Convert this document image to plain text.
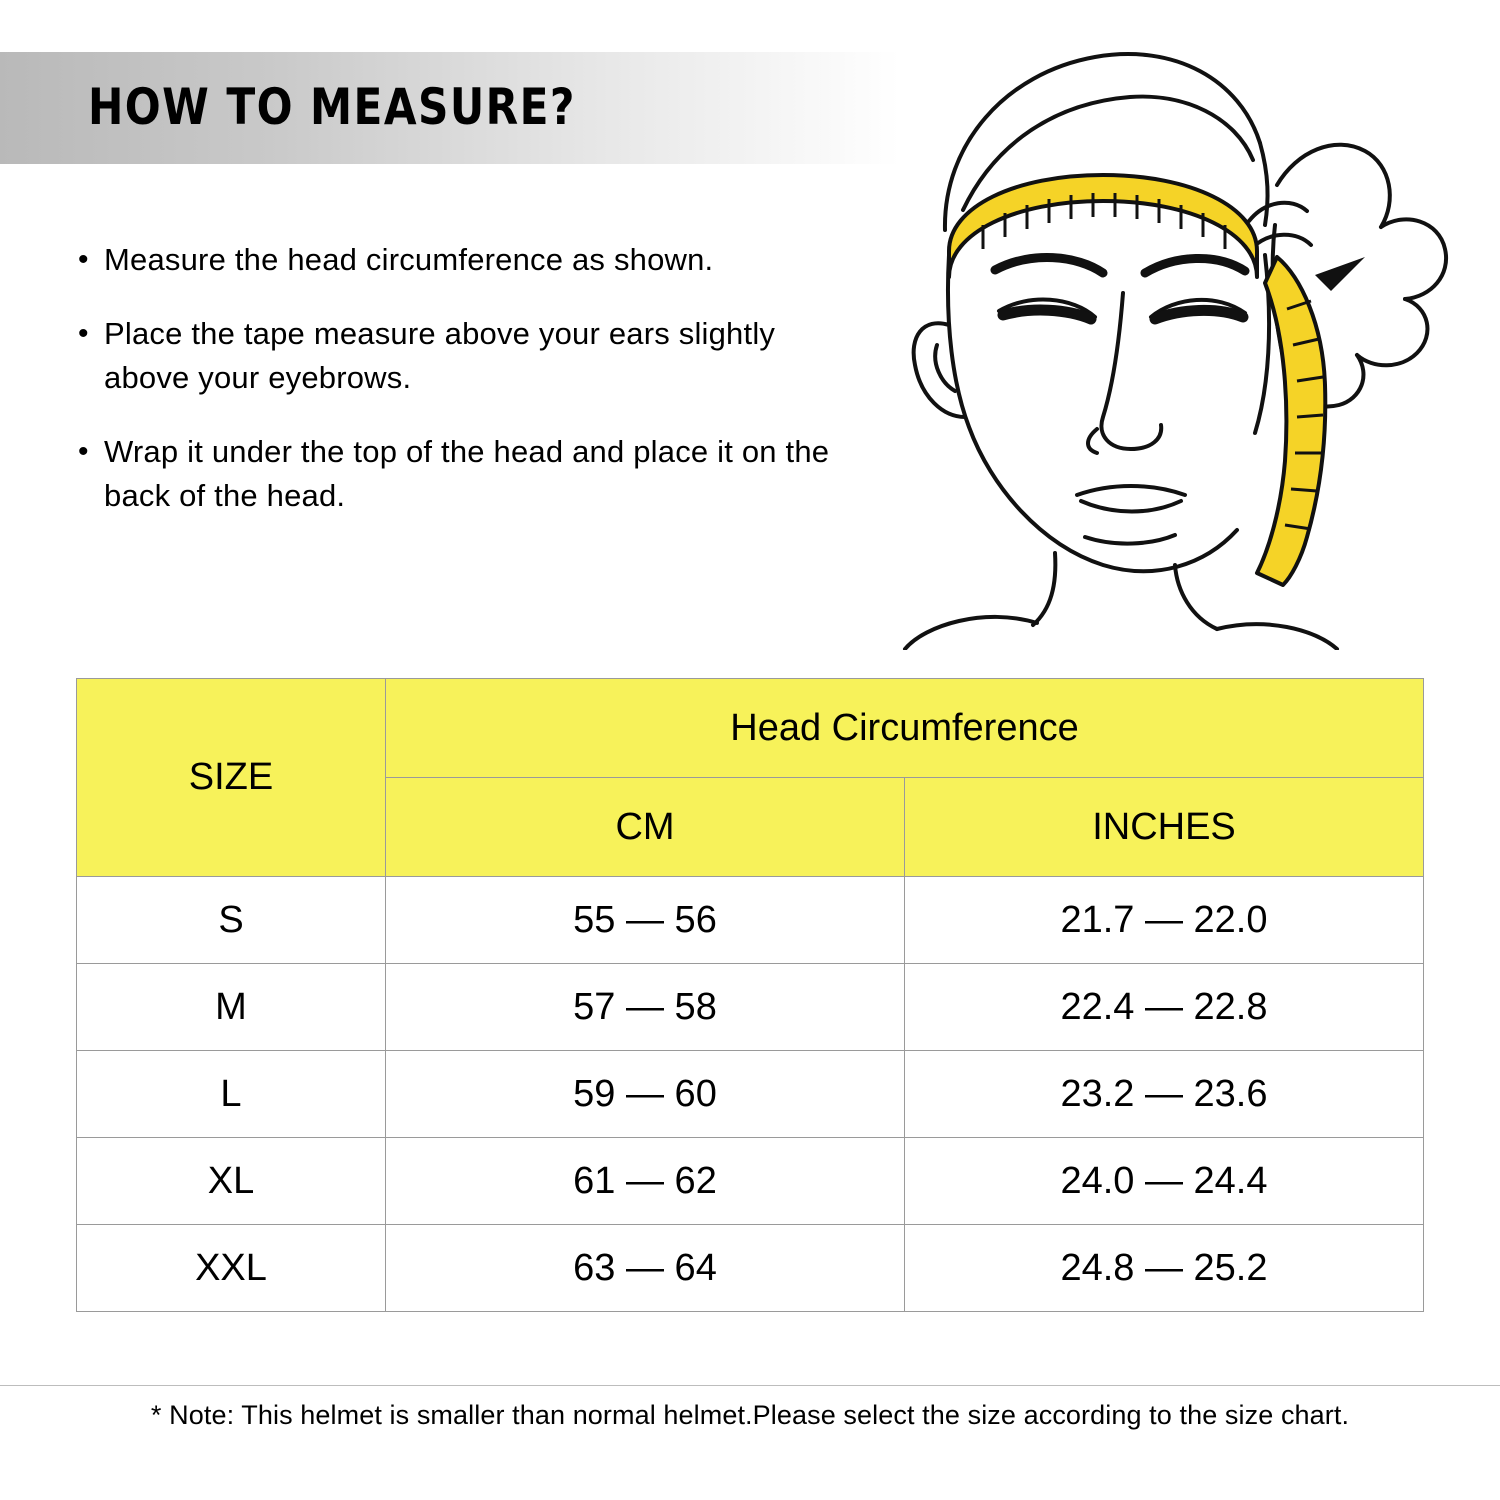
HOW TO MEASURE?
• Measure the head circumference as shown.
• Place the tape measure above your ears slightly above your eyebrows.
• Wrap it under the top of the head and place it on the back of the head.
SIZE	Head Circumference	
	CM	INCHES
S	55 — 56	21.7 — 22.0
M	57 — 58	22.4 — 22.8
L	59 — 60	23.2 — 23.6
XL	61 — 62	24.0 — 24.4
XXL	63 — 64	24.8 — 25.2
* Note: This helmet is smaller than normal helmet.Please select the size according to the size chart.
